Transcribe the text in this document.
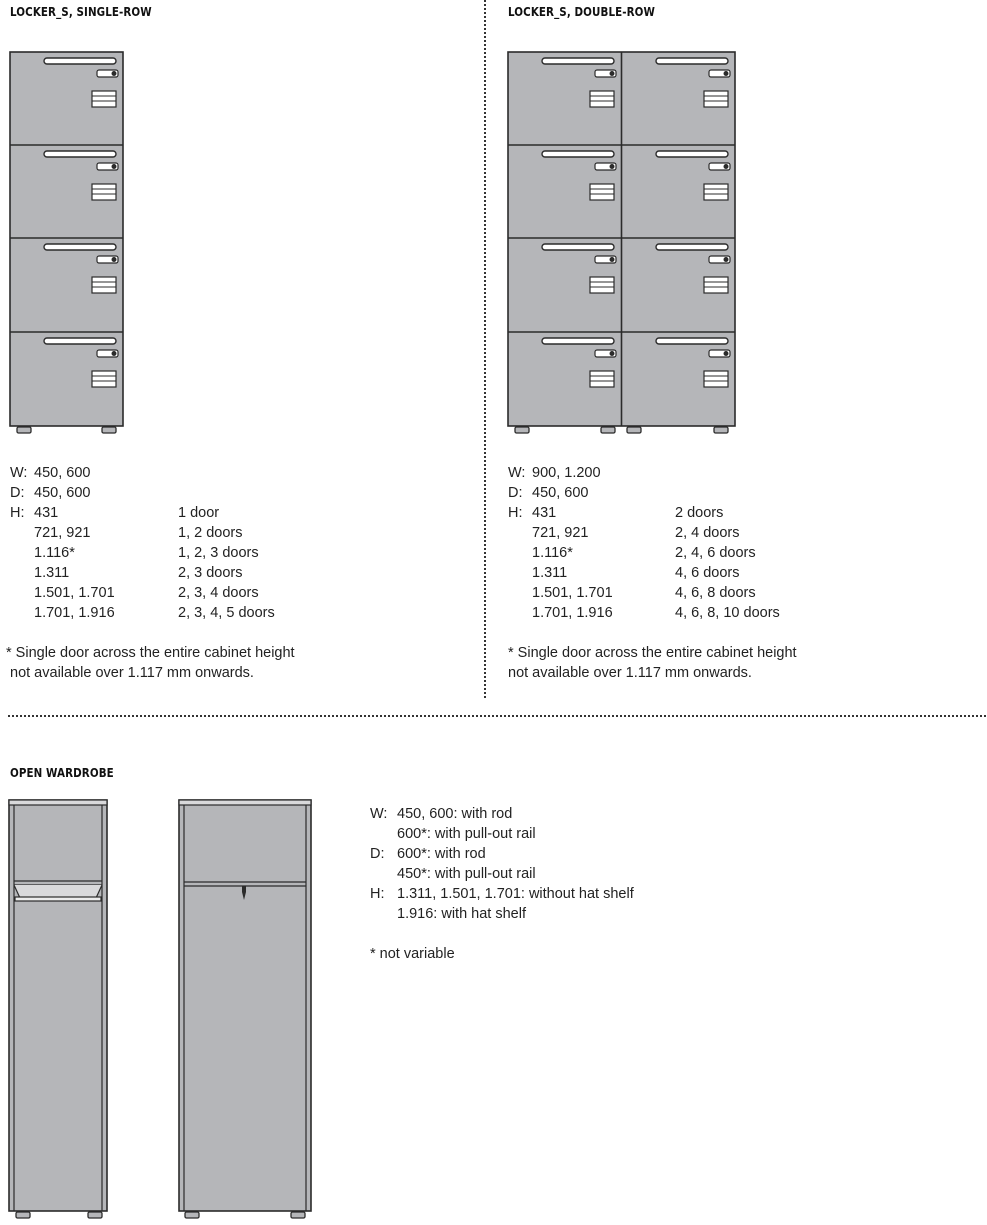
LOCKER_S, SINGLE-ROW
W: 450, 600
D: 450, 600
H: 431	1 door
721, 921	1, 2 doors
1.116*	1, 2, 3 doors
1.311	2, 3 doors
1.501, 1.701	2, 3, 4 doors
1.701, 1.916	2, 3, 4, 5 doors
* Single door across the entire cabinet height
not available over 1.117 mm onwards.
LOCKER_S, DOUBLE-ROW
W: 900, 1.200
D: 450, 600
H: 431	2 doors
721, 921	2, 4 doors
1.116*	2, 4, 6 doors
1.311	4, 6 doors
1.501, 1.701	4, 6, 8 doors
1.701, 1.916	4, 6, 8, 10 doors
* Single door across the entire cabinet height
not available over 1.117 mm onwards.
OPEN WARDROBE
W: 450, 600: with rod
600*: with pull-out rail
D: 600*: with rod
450*: with pull-out rail
H: 1.311, 1.501, 1.701: without hat shelf
1.916: with hat shelf
* not variable
